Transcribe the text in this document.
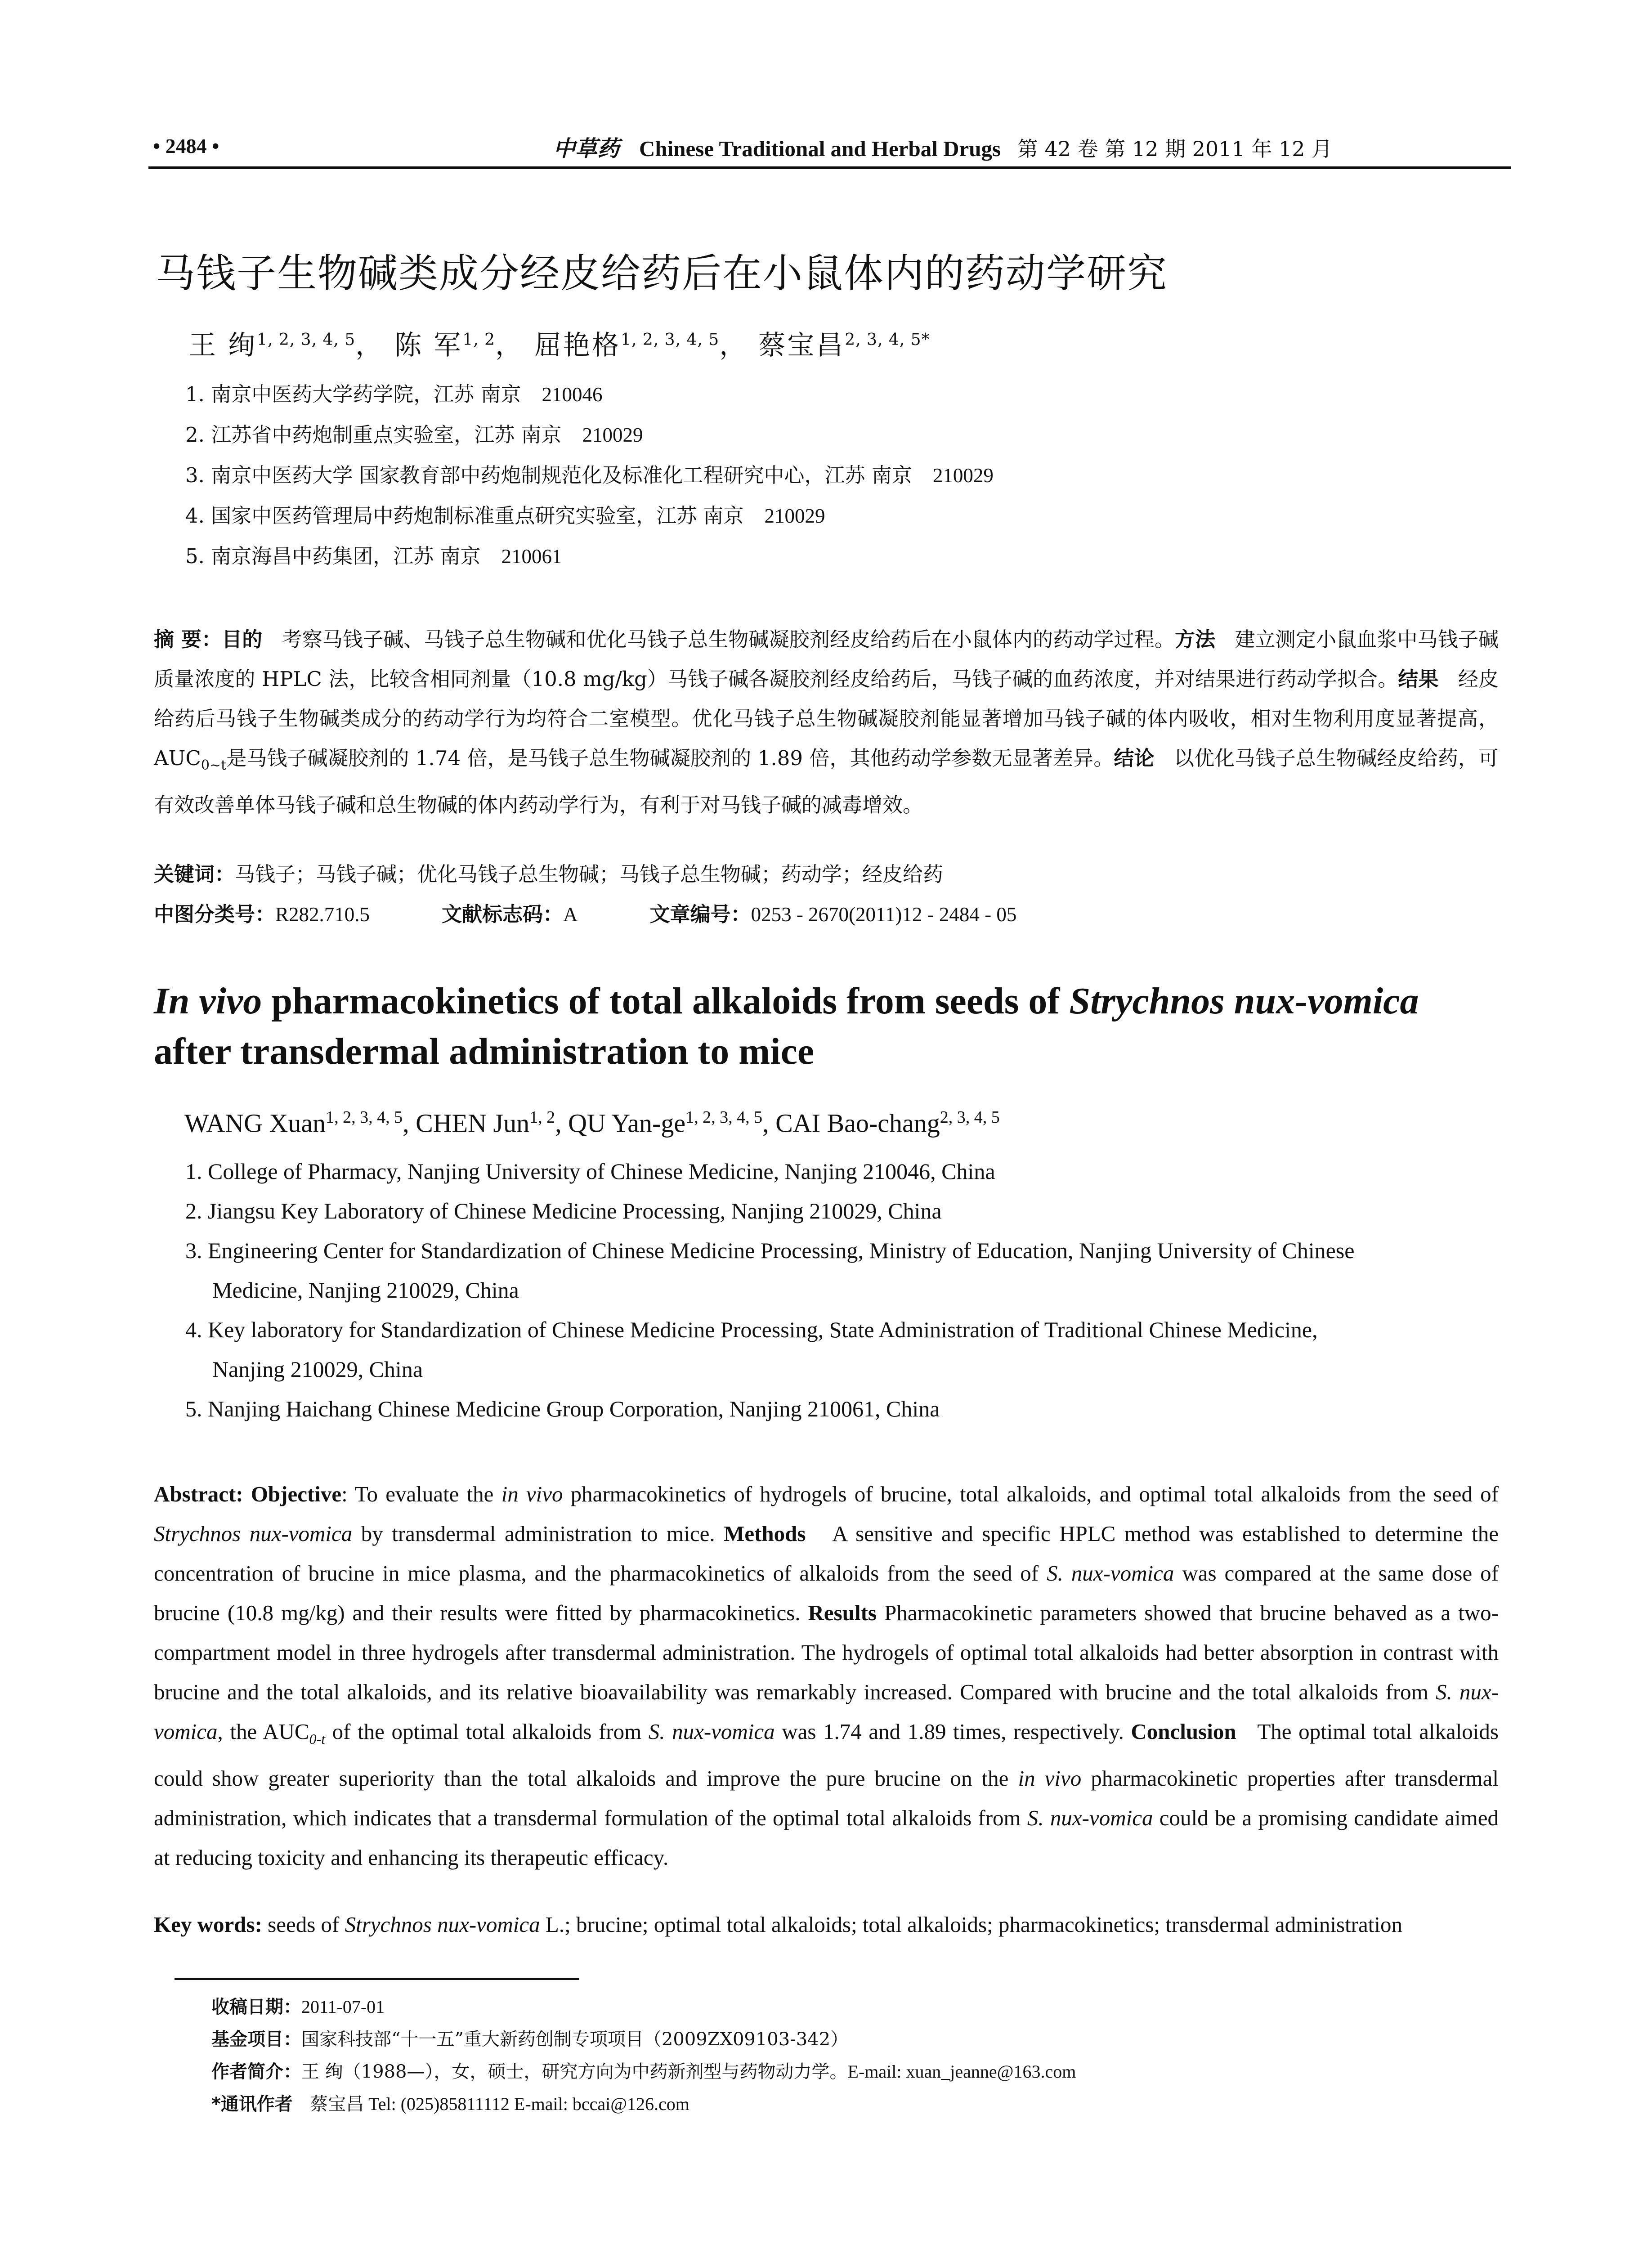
• 2484 •	中草药 Chinese Traditional and Herbal Drugs 第 42 卷 第 12 期 2011 年 12 月
马钱子生物碱类成分经皮给药后在小鼠体内的药动学研究
王 绚$^{1, 2, 3, 4, 5}$， 陈 军$^{1, 2}$， 屈艳格$^{1, 2, 3, 4, 5}$， 蔡宝昌$^{2, 3, 4, 5*}$
1. 南京中医药大学药学院，江苏 南京 210046
2. 江苏省中药炮制重点实验室，江苏 南京 210029
3. 南京中医药大学 国家教育部中药炮制规范化及标准化工程研究中心，江苏 南京 210029
4. 国家中医药管理局中药炮制标准重点研究实验室，江苏 南京 210029
5. 南京海昌中药集团，江苏 南京 210061
摘 要：目的 考察马钱子碱、马钱子总生物碱和优化马钱子总生物碱凝胶剂经皮给药后在小鼠体内的药动学过程。方法 建立测定小鼠血浆中马钱子碱质量浓度的 HPLC 法，比较含相同剂量（10.8 mg/kg）马钱子碱各凝胶剂经皮给药后，马钱子碱的血药浓度，并对结果进行药动学拟合。结果 经皮给药后马钱子生物碱类成分的药动学行为均符合二室模型。优化马钱子总生物碱凝胶剂能显著增加马钱子碱的体内吸收，相对生物利用度显著提高，$AUC_{0\sim t}$是马钱子碱凝胶剂的 1.74 倍，是马钱子总生物碱凝胶剂的 1.89 倍，其他药动学参数无显著差异。结论 以优化马钱子总生物碱经皮给药，可有效改善单体马钱子碱和总生物碱的体内药动学行为，有利于对马钱子碱的减毒增效。
关键词：马钱子；马钱子碱；优化马钱子总生物碱；马钱子总生物碱；药动学；经皮给药
中图分类号：R282.710.5	文献标志码：A	文章编号：0253 - 2670(2011)12 - 2484 - 05
In vivo pharmacokinetics of total alkaloids from seeds of Strychnos nux-vomica
after transdermal administration to mice
WANG Xuan$^{1, 2, 3, 4, 5}$, CHEN Jun$^{1, 2}$, QU Yan-ge$^{1, 2, 3, 4, 5}$, CAI Bao-chang$^{2, 3, 4, 5}$
1. College of Pharmacy, Nanjing University of Chinese Medicine, Nanjing 210046, China
2. Jiangsu Key Laboratory of Chinese Medicine Processing, Nanjing 210029, China
3. Engineering Center for Standardization of Chinese Medicine Processing, Ministry of Education, Nanjing University of Chinese
Medicine, Nanjing 210029, China
4. Key laboratory for Standardization of Chinese Medicine Processing, State Administration of Traditional Chinese Medicine,
Nanjing 210029, China
5. Nanjing Haichang Chinese Medicine Group Corporation, Nanjing 210061, China
Abstract: Objective: To evaluate the in vivo pharmacokinetics of hydrogels of brucine, total alkaloids, and optimal total alkaloids from the seed of Strychnos nux-vomica by transdermal administration to mice. Methods A sensitive and specific HPLC method was established to determine the concentration of brucine in mice plasma, and the pharmacokinetics of alkaloids from the seed of S. nux-vomica was compared at the same dose of brucine (10.8 mg/kg) and their results were fitted by pharmacokinetics. Results Pharmacokinetic parameters showed that brucine behaved as a two-compartment model in three hydrogels after transdermal administration. The hydrogels of optimal total alkaloids had better absorption in contrast with brucine and the total alkaloids, and its relative bioavailability was remarkably increased. Compared with brucine and the total alkaloids from S. nux-vomica, the $AUC_{0-t}$ of the optimal total alkaloids from S. nux-vomica was 1.74 and 1.89 times, respectively. Conclusion The optimal total alkaloids could show greater superiority than the total alkaloids and improve the pure brucine on the in vivo pharmacokinetic properties after transdermal administration, which indicates that a transdermal formulation of the optimal total alkaloids from S. nux-vomica could be a promising candidate aimed at reducing toxicity and enhancing its therapeutic efficacy.
Key words: seeds of Strychnos nux-vomica L.; brucine; optimal total alkaloids; total alkaloids; pharmacokinetics; transdermal administration
收稿日期：2011-07-01
基金项目：国家科技部“十一五”重大新药创制专项项目（2009ZX09103-342）
作者简介：王 绚（1988—），女，硕士，研究方向为中药新剂型与药物动力学。E-mail: xuan_jeanne@163.com
*通讯作者 蔡宝昌 Tel: (025)85811112 E-mail: bccai@126.com
